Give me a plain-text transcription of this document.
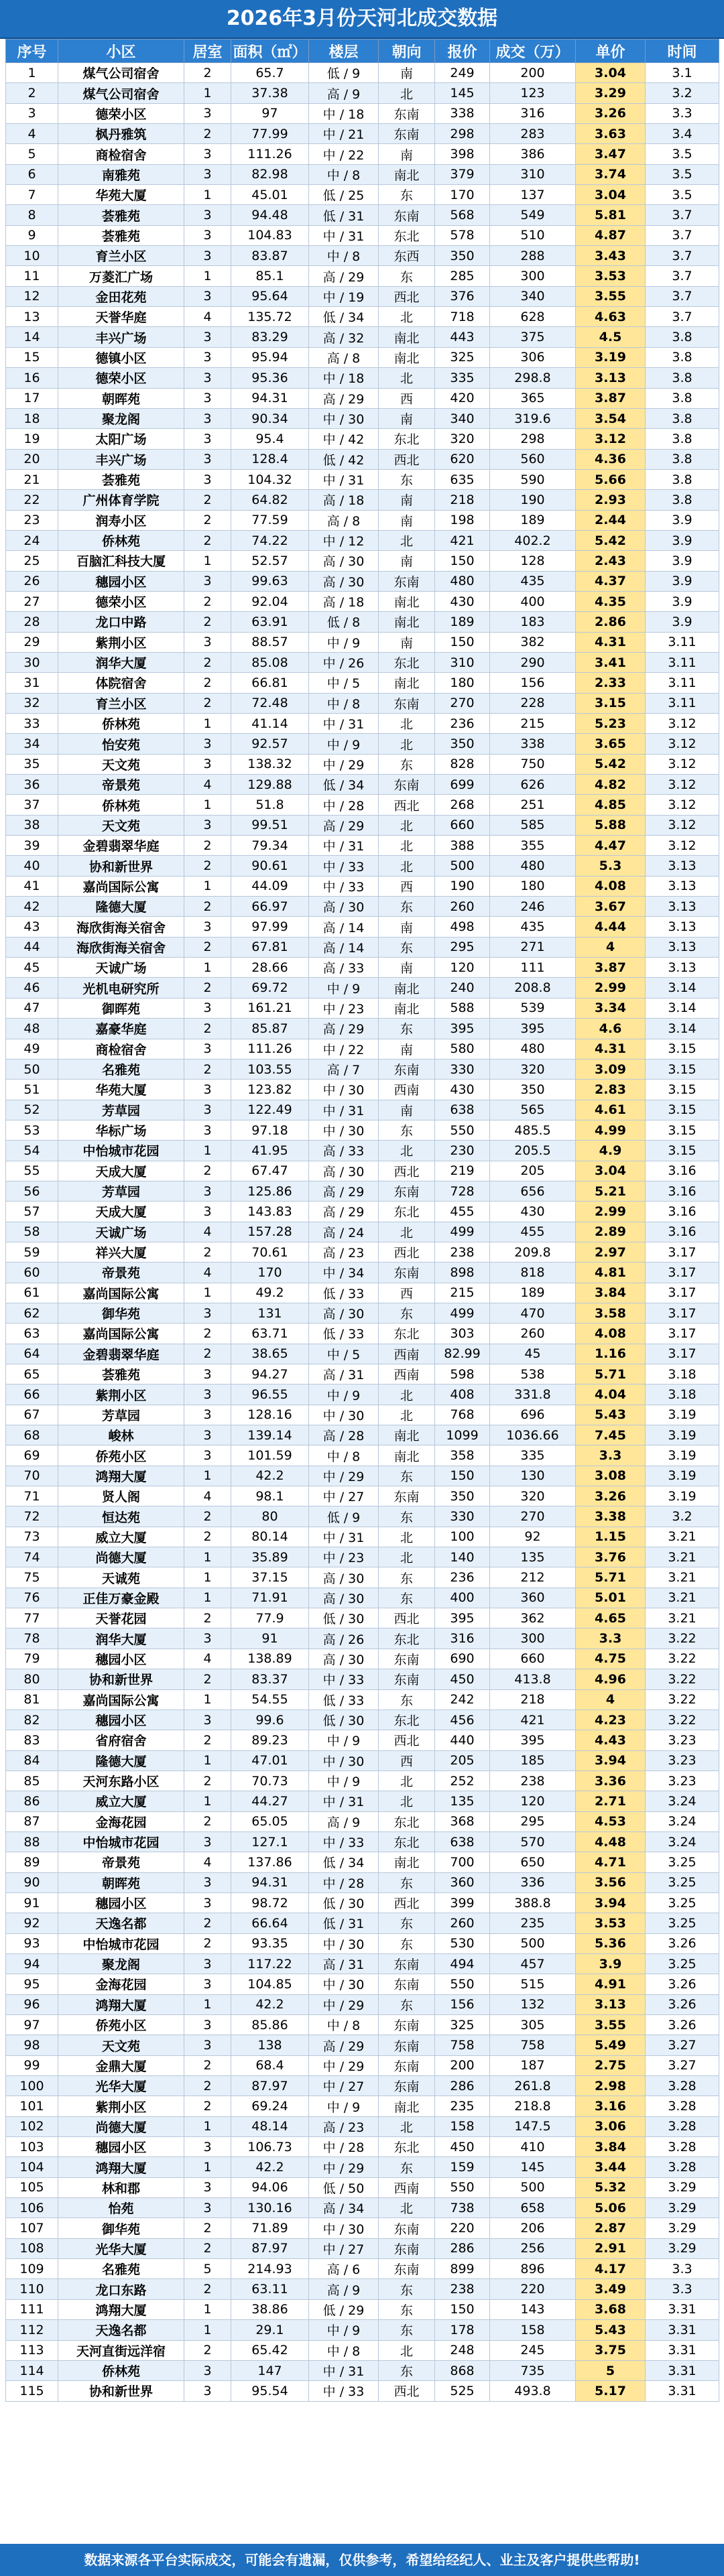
2026年3月份天河北成交数据
序号	小区	居室	面积（㎡）	楼层	朝向	报价	成交（万）	单价	时间
1	煤气公司宿舍	2	65.7	低 / 9	南	249	200	3.04	3.1
2	煤气公司宿舍	1	37.38	高 / 9	北	145	123	3.29	3.2
3	德荣小区	3	97	中 / 18	东南	338	316	3.26	3.3
4	枫丹雅筑	2	77.99	中 / 21	东南	298	283	3.63	3.4
5	商检宿舍	3	111.26	中 / 22	南	398	386	3.47	3.5
6	南雅苑	3	82.98	中 / 8	南北	379	310	3.74	3.5
7	华苑大厦	1	45.01	低 / 25	东	170	137	3.04	3.5
8	荟雅苑	3	94.48	低 / 31	东南	568	549	5.81	3.7
9	荟雅苑	3	104.83	中 / 31	东北	578	510	4.87	3.7
10	育兰小区	3	83.87	中 / 8	东西	350	288	3.43	3.7
11	万菱汇广场	1	85.1	高 / 29	东	285	300	3.53	3.7
12	金田花苑	3	95.64	中 / 19	西北	376	340	3.55	3.7
13	天誉华庭	4	135.72	低 / 34	北	718	628	4.63	3.7
14	丰兴广场	3	83.29	高 / 32	南北	443	375	4.5	3.8
15	德镇小区	3	95.94	高 / 8	南北	325	306	3.19	3.8
16	德荣小区	3	95.36	中 / 18	北	335	298.8	3.13	3.8
17	朝晖苑	3	94.31	高 / 29	西	420	365	3.87	3.8
18	聚龙阁	3	90.34	中 / 30	南	340	319.6	3.54	3.8
19	太阳广场	3	95.4	中 / 42	东北	320	298	3.12	3.8
20	丰兴广场	3	128.4	低 / 42	西北	620	560	4.36	3.8
21	荟雅苑	3	104.32	中 / 31	东	635	590	5.66	3.8
22	广州体育学院	2	64.82	高 / 18	南	218	190	2.93	3.8
23	润寿小区	2	77.59	高 / 8	南	198	189	2.44	3.9
24	侨林苑	2	74.22	中 / 12	北	421	402.2	5.42	3.9
25	百脑汇科技大厦	1	52.57	高 / 30	南	150	128	2.43	3.9
26	穗园小区	3	99.63	高 / 30	东南	480	435	4.37	3.9
27	德荣小区	2	92.04	高 / 18	南北	430	400	4.35	3.9
28	龙口中路	2	63.91	低 / 8	南北	189	183	2.86	3.9
29	紫荆小区	3	88.57	中 / 9	南	150	382	4.31	3.11
30	润华大厦	2	85.08	中 / 26	东北	310	290	3.41	3.11
31	体院宿舍	2	66.81	中 / 5	南北	180	156	2.33	3.11
32	育兰小区	2	72.48	中 / 8	东南	270	228	3.15	3.11
33	侨林苑	1	41.14	中 / 31	北	236	215	5.23	3.12
34	怡安苑	3	92.57	中 / 9	北	350	338	3.65	3.12
35	天文苑	3	138.32	中 / 29	东	828	750	5.42	3.12
36	帝景苑	4	129.88	低 / 34	东南	699	626	4.82	3.12
37	侨林苑	1	51.8	中 / 28	西北	268	251	4.85	3.12
38	天文苑	3	99.51	高 / 29	北	660	585	5.88	3.12
39	金碧翡翠华庭	2	79.34	中 / 31	北	388	355	4.47	3.12
40	协和新世界	2	90.61	中 / 33	北	500	480	5.3	3.13
41	嘉尚国际公寓	1	44.09	中 / 33	西	190	180	4.08	3.13
42	隆德大厦	2	66.97	高 / 30	东	260	246	3.67	3.13
43	海欣街海关宿舍	3	97.99	高 / 14	南	498	435	4.44	3.13
44	海欣街海关宿舍	2	67.81	高 / 14	东	295	271	4	3.13
45	天诚广场	1	28.66	高 / 33	南	120	111	3.87	3.13
46	光机电研究所	2	69.72	中 / 9	南北	240	208.8	2.99	3.14
47	御晖苑	3	161.21	中 / 23	南北	588	539	3.34	3.14
48	嘉豪华庭	2	85.87	高 / 29	东	395	395	4.6	3.14
49	商检宿舍	3	111.26	中 / 22	南	580	480	4.31	3.15
50	名雅苑	2	103.55	高 / 7	东南	330	320	3.09	3.15
51	华苑大厦	3	123.82	中 / 30	西南	430	350	2.83	3.15
52	芳草园	3	122.49	中 / 31	南	638	565	4.61	3.15
53	华标广场	3	97.18	中 / 30	东	550	485.5	4.99	3.15
54	中怡城市花园	1	41.95	高 / 33	北	230	205.5	4.9	3.15
55	天成大厦	2	67.47	高 / 30	西北	219	205	3.04	3.16
56	芳草园	3	125.86	高 / 29	东南	728	656	5.21	3.16
57	天成大厦	3	143.83	高 / 29	东北	455	430	2.99	3.16
58	天诚广场	4	157.28	高 / 24	北	499	455	2.89	3.16
59	祥兴大厦	2	70.61	高 / 23	西北	238	209.8	2.97	3.17
60	帝景苑	4	170	中 / 34	东南	898	818	4.81	3.17
61	嘉尚国际公寓	1	49.2	低 / 33	西	215	189	3.84	3.17
62	御华苑	3	131	高 / 30	东	499	470	3.58	3.17
63	嘉尚国际公寓	2	63.71	低 / 33	东北	303	260	4.08	3.17
64	金碧翡翠华庭	2	38.65	中 / 5	西南	82.99	45	1.16	3.17
65	荟雅苑	3	94.27	高 / 31	西南	598	538	5.71	3.18
66	紫荆小区	3	96.55	中 / 9	北	408	331.8	4.04	3.18
67	芳草园	3	128.16	中 / 30	北	768	696	5.43	3.19
68	峻林	3	139.14	高 / 28	南北	1099	1036.66	7.45	3.19
69	侨苑小区	3	101.59	中 / 8	南北	358	335	3.3	3.19
70	鸿翔大厦	1	42.2	中 / 29	东	150	130	3.08	3.19
71	贤人阁	4	98.1	中 / 27	东南	350	320	3.26	3.19
72	恒达苑	2	80	低 / 9	东	330	270	3.38	3.2
73	威立大厦	2	80.14	中 / 31	北	100	92	1.15	3.21
74	尚德大厦	1	35.89	中 / 23	北	140	135	3.76	3.21
75	天诚苑	1	37.15	高 / 30	东	236	212	5.71	3.21
76	正佳万豪金殿	1	71.91	高 / 30	东	400	360	5.01	3.21
77	天誉花园	2	77.9	低 / 30	西北	395	362	4.65	3.21
78	润华大厦	3	91	高 / 26	东北	316	300	3.3	3.22
79	穗园小区	4	138.89	高 / 30	东南	690	660	4.75	3.22
80	协和新世界	2	83.37	中 / 33	东南	450	413.8	4.96	3.22
81	嘉尚国际公寓	1	54.55	低 / 33	东	242	218	4	3.22
82	穗园小区	3	99.6	低 / 30	东北	456	421	4.23	3.22
83	省府宿舍	2	89.23	中 / 9	西北	440	395	4.43	3.23
84	隆德大厦	1	47.01	中 / 30	西	205	185	3.94	3.23
85	天河东路小区	2	70.73	中 / 9	北	252	238	3.36	3.23
86	威立大厦	1	44.27	中 / 31	北	135	120	2.71	3.24
87	金海花园	2	65.05	高 / 9	东北	368	295	4.53	3.24
88	中怡城市花园	3	127.1	中 / 33	东北	638	570	4.48	3.24
89	帝景苑	4	137.86	低 / 34	南北	700	650	4.71	3.25
90	朝晖苑	3	94.31	中 / 28	东	360	336	3.56	3.25
91	穗园小区	3	98.72	低 / 30	西北	399	388.8	3.94	3.25
92	天逸名都	2	66.64	低 / 31	东	260	235	3.53	3.25
93	中怡城市花园	2	93.35	中 / 30	东	530	500	5.36	3.26
94	聚龙阁	3	117.22	高 / 31	东南	494	457	3.9	3.25
95	金海花园	3	104.85	中 / 30	东南	550	515	4.91	3.26
96	鸿翔大厦	1	42.2	中 / 29	东	156	132	3.13	3.26
97	侨苑小区	3	85.86	中 / 8	东南	325	305	3.55	3.26
98	天文苑	3	138	高 / 29	东南	758	758	5.49	3.27
99	金鼎大厦	2	68.4	中 / 29	东南	200	187	2.75	3.27
100	光华大厦	2	87.97	中 / 27	东南	286	261.8	2.98	3.28
101	紫荆小区	2	69.24	中 / 9	南北	235	218.8	3.16	3.28
102	尚德大厦	1	48.14	高 / 23	北	158	147.5	3.06	3.28
103	穗园小区	3	106.73	中 / 28	东北	450	410	3.84	3.28
104	鸿翔大厦	1	42.2	中 / 29	东	159	145	3.44	3.28
105	林和郡	3	94.06	低 / 50	西南	550	500	5.32	3.29
106	怡苑	3	130.16	高 / 34	北	738	658	5.06	3.29
107	御华苑	2	71.89	中 / 30	东南	220	206	2.87	3.29
108	光华大厦	2	87.97	中 / 27	东南	286	256	2.91	3.29
109	名雅苑	5	214.93	高 / 6	东南	899	896	4.17	3.3
110	龙口东路	2	63.11	高 / 9	东	238	220	3.49	3.3
111	鸿翔大厦	1	38.86	低 / 29	东	150	143	3.68	3.31
112	天逸名都	1	29.1	中 / 9	东	178	158	5.43	3.31
113	天河直街远洋宿	2	65.42	中 / 8	北	248	245	3.75	3.31
114	侨林苑	3	147	中 / 31	东	868	735	5	3.31
115	协和新世界	3	95.54	中 / 33	西北	525	493.8	5.17	3.31
数据来源各平台实际成交，可能会有遗漏，仅供参考，希望给经纪人、业主及客户提供些帮助!
